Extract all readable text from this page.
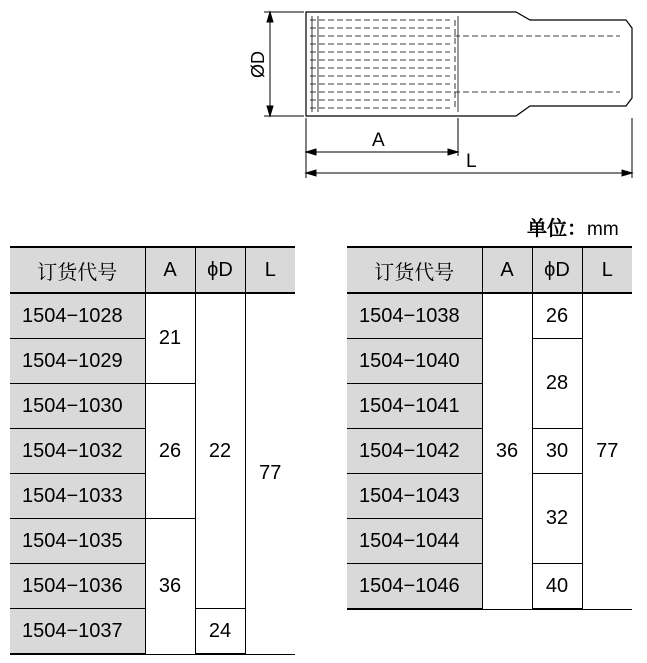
ØD
A
L
单位：mm
订货代号	A	ϕD	L
1504−1028	21	22	77
1504−1029			
1504−1030	26		
1504−1032			
1504−1033			
1504−1035	36		
1504−1036			
1504−1037		24	
订货代号	A	ϕD	L
1504−1038	36	26	77
1504−1040		28	
1504−1041			
1504−1042		30	
1504−1043		32	
1504−1044			
1504−1046		40	
